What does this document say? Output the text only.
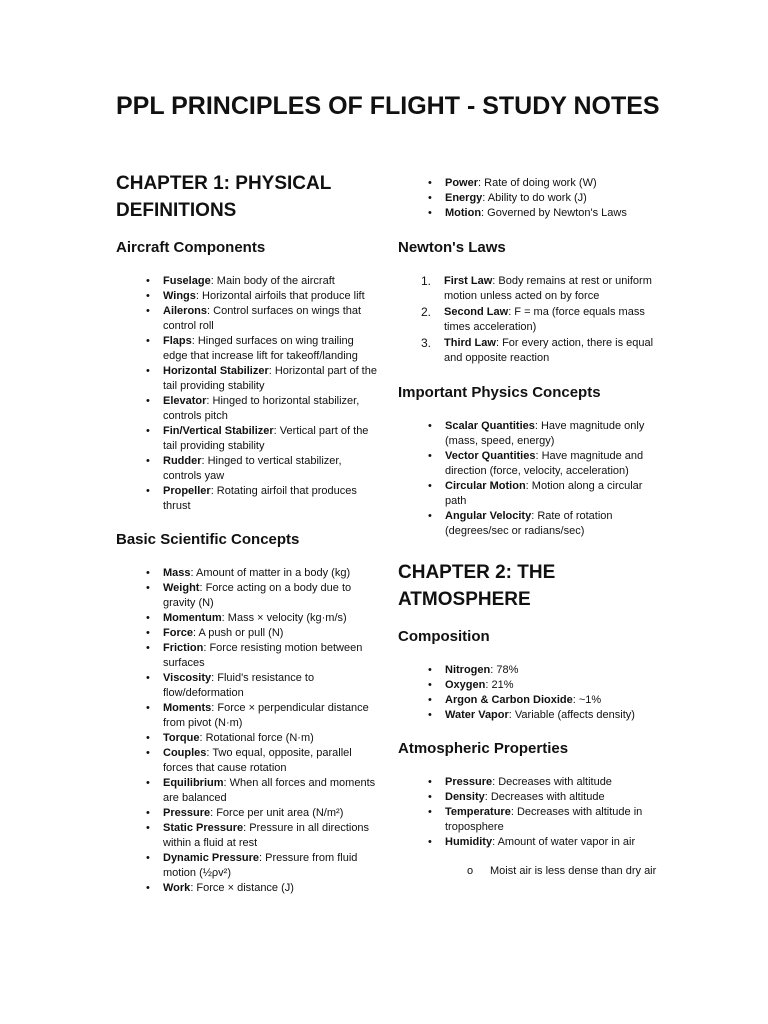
PPL PRINCIPLES OF FLIGHT - STUDY NOTES
CHAPTER 1: PHYSICAL DEFINITIONS
Aircraft Components
• Fuselage: Main body of the aircraft
• Wings: Horizontal airfoils that produce lift
• Ailerons: Control surfaces on wings that control roll
• Flaps: Hinged surfaces on wing trailing edge that increase lift for takeoff/landing
• Horizontal Stabilizer: Horizontal part of the tail providing stability
• Elevator: Hinged to horizontal stabilizer, controls pitch
• Fin/Vertical Stabilizer: Vertical part of the tail providing stability
• Rudder: Hinged to vertical stabilizer, controls yaw
• Propeller: Rotating airfoil that produces thrust
Basic Scientific Concepts
• Mass: Amount of matter in a body (kg)
• Weight: Force acting on a body due to gravity (N)
• Momentum: Mass × velocity (kg·m/s)
• Force: A push or pull (N)
• Friction: Force resisting motion between surfaces
• Viscosity: Fluid's resistance to flow/deformation
• Moments: Force × perpendicular distance from pivot (N·m)
• Torque: Rotational force (N·m)
• Couples: Two equal, opposite, parallel forces that cause rotation
• Equilibrium: When all forces and moments are balanced
• Pressure: Force per unit area (N/m²)
• Static Pressure: Pressure in all directions within a fluid at rest
• Dynamic Pressure: Pressure from fluid motion (½ρv²)
• Work: Force × distance (J)
• Power: Rate of doing work (W)
• Energy: Ability to do work (J)
• Motion: Governed by Newton's Laws
Newton's Laws
1. First Law: Body remains at rest or uniform motion unless acted on by force
2. Second Law: F = ma (force equals mass times acceleration)
3. Third Law: For every action, there is equal and opposite reaction
Important Physics Concepts
• Scalar Quantities: Have magnitude only (mass, speed, energy)
• Vector Quantities: Have magnitude and direction (force, velocity, acceleration)
• Circular Motion: Motion along a circular path
• Angular Velocity: Rate of rotation (degrees/sec or radians/sec)
CHAPTER 2: THE ATMOSPHERE
Composition
• Nitrogen: 78%
• Oxygen: 21%
• Argon & Carbon Dioxide: ~1%
• Water Vapor: Variable (affects density)
Atmospheric Properties
• Pressure: Decreases with altitude
• Density: Decreases with altitude
• Temperature: Decreases with altitude in troposphere
• Humidity: Amount of water vapor in air
o Moist air is less dense than dry air
